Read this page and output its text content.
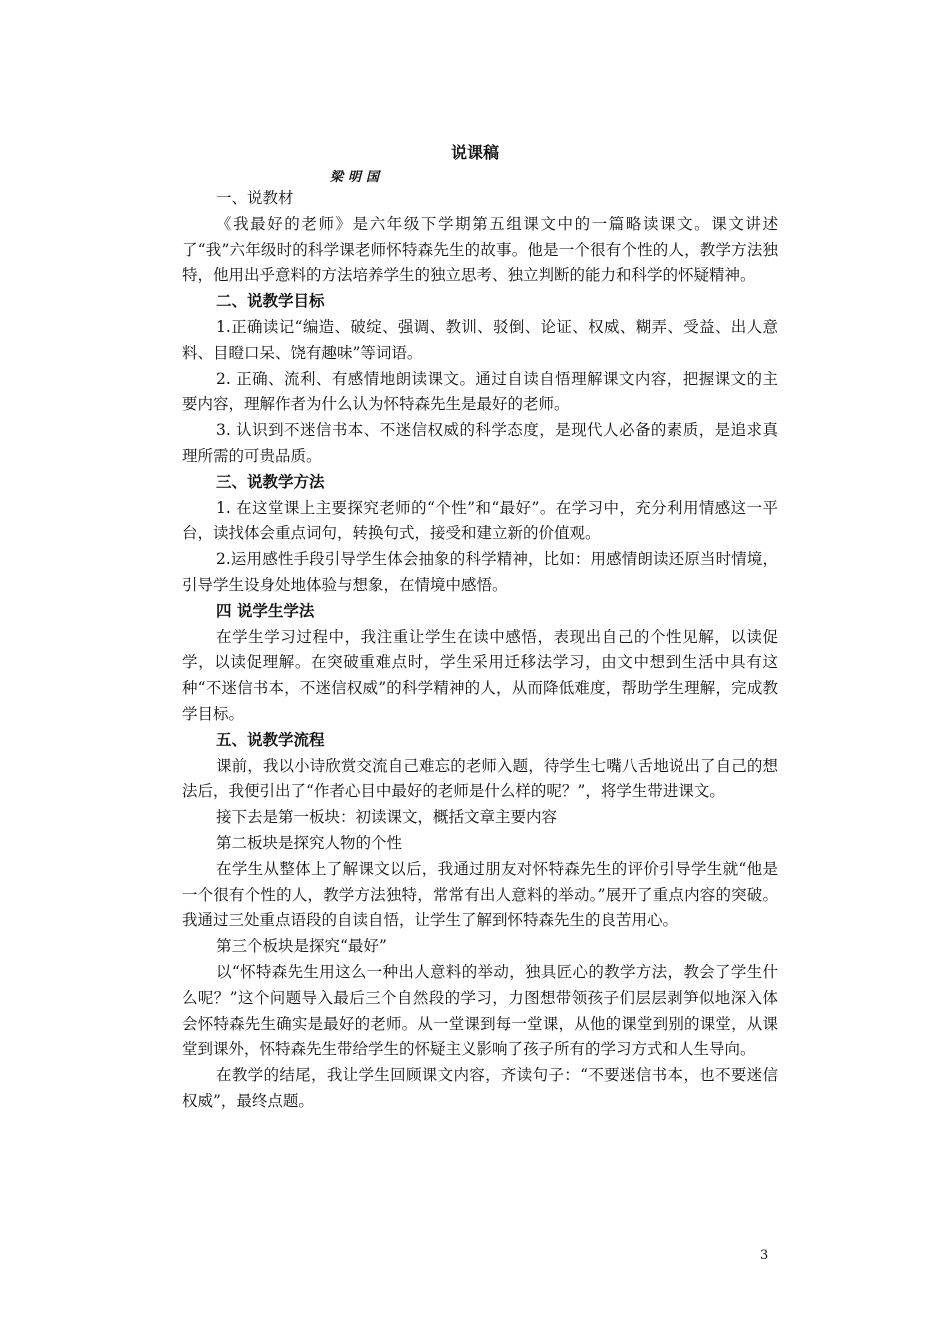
说课稿
梁明国

一、说教材

《我最好的老师》是六年级下学期第五组课文中的一篇略读课文。课文讲述了“我”六年级时的科学课老师怀特森先生的故事。他是一个很有个性的人，教学方法独特，他用出乎意料的方法培养学生的独立思考、独立判断的能力和科学的怀疑精神。

二、说教学目标

1.正确读记“编造、破绽、强调、教训、驳倒、论证、权威、糊弄、受益、出人意料、目瞪口呆、饶有趣味”等词语。

2. 正确、流利、有感情地朗读课文。通过自读自悟理解课文内容，把握课文的主要内容，理解作者为什么认为怀特森先生是最好的老师。

3. 认识到不迷信书本、不迷信权威的科学态度，是现代人必备的素质，是追求真理所需的可贵品质。

三、说教学方法

1. 在这堂课上主要探究老师的“个性”和“最好”。在学习中，充分利用情感这一平台，读找体会重点词句，转换句式，接受和建立新的价值观。

2.运用感性手段引导学生体会抽象的科学精神，比如：用感情朗读还原当时情境，引导学生设身处地体验与想象，在情境中感悟。

四 说学生学法

在学生学习过程中，我注重让学生在读中感悟，表现出自己的个性见解，以读促学，以读促理解。在突破重难点时，学生采用迁移法学习，由文中想到生活中具有这种“不迷信书本，不迷信权威”的科学精神的人，从而降低难度，帮助学生理解，完成教学目标。

五、说教学流程

课前，我以小诗欣赏交流自己难忘的老师入题，待学生七嘴八舌地说出了自己的想法后，我便引出了“作者心目中最好的老师是什么样的呢？”，将学生带进课文。

接下去是第一板块：初读课文，概括文章主要内容

第二板块是探究人物的个性

在学生从整体上了解课文以后，我通过朋友对怀特森先生的评价引导学生就“他是一个很有个性的人，教学方法独特，常常有出人意料的举动。”展开了重点内容的突破。我通过三处重点语段的自读自悟，让学生了解到怀特森先生的良苦用心。

第三个板块是探究“最好”

以“怀特森先生用这么一种出人意料的举动，独具匠心的教学方法，教会了学生什么呢？”这个问题导入最后三个自然段的学习，力图想带领孩子们层层剥笋似地深入体会怀特森先生确实是最好的老师。从一堂课到每一堂课，从他的课堂到别的课堂，从课堂到课外，怀特森先生带给学生的怀疑主义影响了孩子所有的学习方式和人生导向。

在教学的结尾，我让学生回顾课文内容，齐读句子：“不要迷信书本，也不要迷信权威”，最终点题。

3
